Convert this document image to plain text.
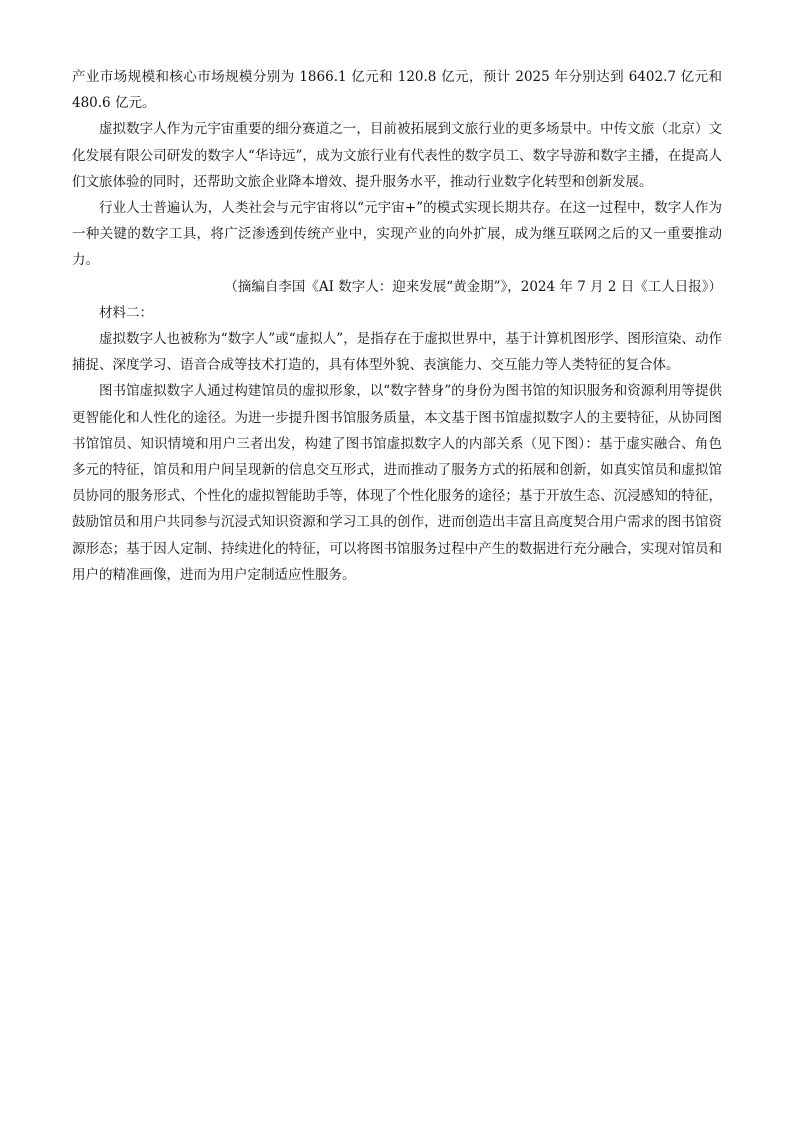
产业市场规模和核心市场规模分别为 1866.1 亿元和 120.8 亿元，预计 2025 年分别达到 6402.7 亿元和 480.6 亿元。

虚拟数字人作为元宇宙重要的细分赛道之一，目前被拓展到文旅行业的更多场景中。中传文旅（北京）文化发展有限公司研发的数字人“华诗远”，成为文旅行业有代表性的数字员工、数字导游和数字主播，在提高人们文旅体验的同时，还帮助文旅企业降本增效、提升服务水平，推动行业数字化转型和创新发展。

行业人士普遍认为，人类社会与元宇宙将以“元宇宙+”的模式实现长期共存。在这一过程中，数字人作为一种关键的数字工具，将广泛渗透到传统产业中，实现产业的向外扩展，成为继互联网之后的又一重要推动力。

（摘编自李国《AI 数字人：迎来发展“黄金期”》，2024 年 7 月 2 日《工人日报》）

材料二：

虚拟数字人也被称为“数字人”或“虚拟人”，是指存在于虚拟世界中，基于计算机图形学、图形渲染、动作捕捉、深度学习、语音合成等技术打造的，具有体型外貌、表演能力、交互能力等人类特征的复合体。

图书馆虚拟数字人通过构建馆员的虚拟形象，以“数字替身”的身份为图书馆的知识服务和资源利用等提供更智能化和人性化的途径。为进一步提升图书馆服务质量，本文基于图书馆虚拟数字人的主要特征，从协同图书馆馆员、知识情境和用户三者出发，构建了图书馆虚拟数字人的内部关系（见下图）：基于虚实融合、角色多元的特征，馆员和用户间呈现新的信息交互形式，进而推动了服务方式的拓展和创新，如真实馆员和虚拟馆员协同的服务形式、个性化的虚拟智能助手等，体现了个性化服务的途径；基于开放生态、沉浸感知的特征，鼓励馆员和用户共同参与沉浸式知识资源和学习工具的创作，进而创造出丰富且高度契合用户需求的图书馆资源形态；基于因人定制、持续进化的特征，可以将图书馆服务过程中产生的数据进行充分融合，实现对馆员和用户的精准画像，进而为用户定制适应性服务。
